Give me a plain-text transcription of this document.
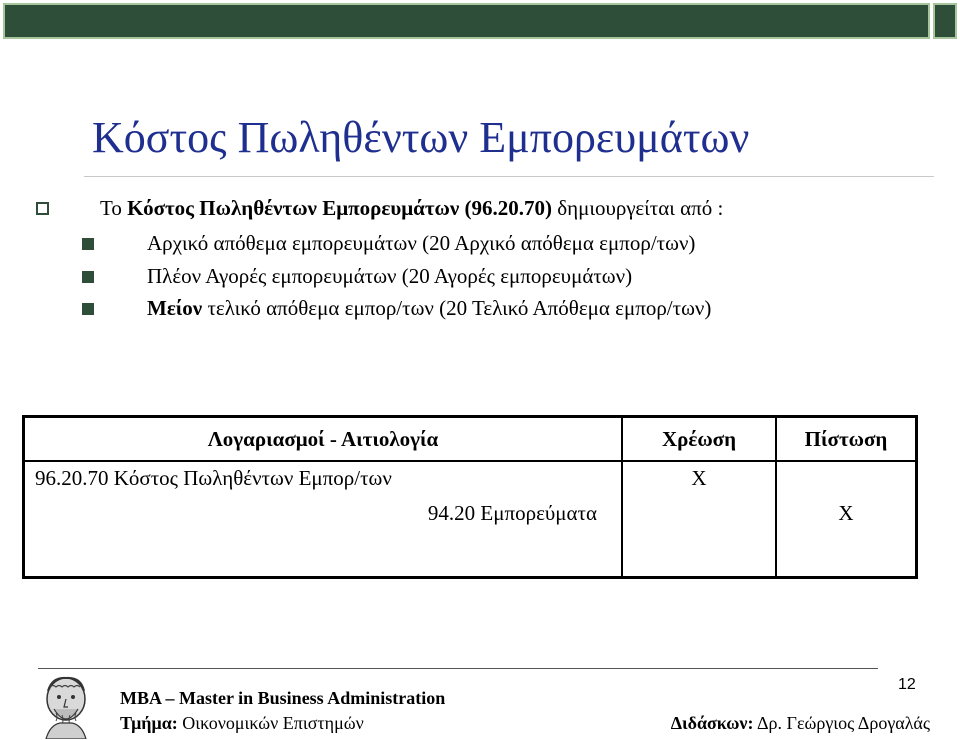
Κόστος Πωληθέντων Εμπορευμάτων
Το Κόστος Πωληθέντων Εμπορευμάτων (96.20.70) δημιουργείται από :
Αρχικό απόθεμα εμπορευμάτων (20 Αρχικό απόθεμα εμπορ/των)
Πλέον Αγορές εμπορευμάτων (20 Αγορές εμπορευμάτων)
Μείον τελικό απόθεμα εμπορ/των (20 Τελικό Απόθεμα εμπορ/των)
Λογαριασμοί - Αιτιολογία	Χρέωση	Πίστωση
96.20.70 Κόστος Πωληθέντων Εμπορ/των	X	
94.20 Εμπορεύματα		X

MBA – Master in Business Administration
Τμήμα: Οικονομικών Επιστημών	Διδάσκων: Δρ. Γεώργιος Δρογαλάς
12
